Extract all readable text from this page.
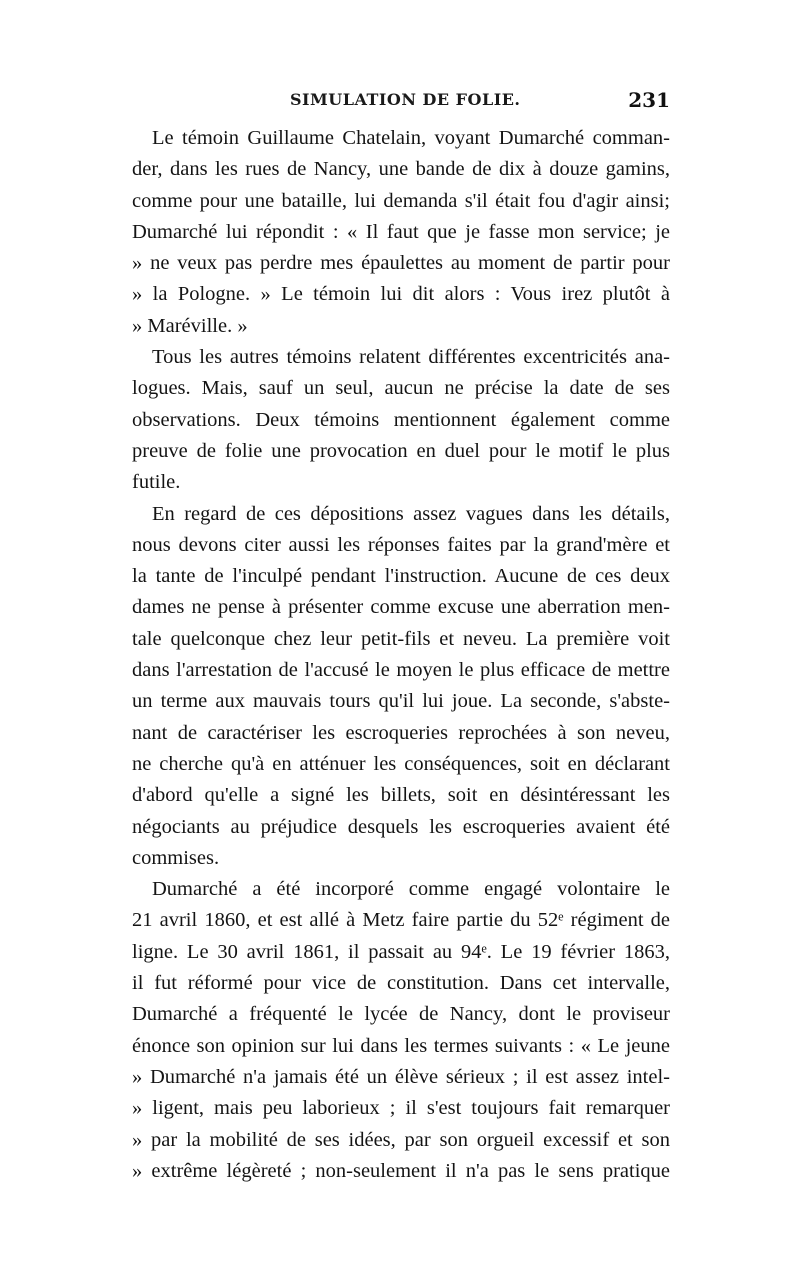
SIMULATION DE FOLIE.	231

Le témoin Guillaume Chatelain, voyant Dumarché comman-
der, dans les rues de Nancy, une bande de dix à douze gamins,
comme pour une bataille, lui demanda s'il était fou d'agir ainsi;
Dumarché lui répondit : « Il faut que je fasse mon service; je
» ne veux pas perdre mes épaulettes au moment de partir pour
» la Pologne. » Le témoin lui dit alors : Vous irez plutôt à
» Maréville. »

Tous les autres témoins relatent différentes excentricités ana-
logues. Mais, sauf un seul, aucun ne précise la date de ses
observations. Deux témoins mentionnent également comme
preuve de folie une provocation en duel pour le motif le plus
futile.

En regard de ces dépositions assez vagues dans les détails,
nous devons citer aussi les réponses faites par la grand'mère et
la tante de l'inculpé pendant l'instruction. Aucune de ces deux
dames ne pense à présenter comme excuse une aberration men-
tale quelconque chez leur petit-fils et neveu. La première voit
dans l'arrestation de l'accusé le moyen le plus efficace de mettre
un terme aux mauvais tours qu'il lui joue. La seconde, s'abste-
nant de caractériser les escroqueries reprochées à son neveu,
ne cherche qu'à en atténuer les conséquences, soit en déclarant
d'abord qu'elle a signé les billets, soit en désintéressant les
négociants au préjudice desquels les escroqueries avaient été
commises.

Dumarché a été incorporé comme engagé volontaire le
21 avril 1860, et est allé à Metz faire partie du 52ᵉ régiment de
ligne. Le 30 avril 1861, il passait au 94ᵉ. Le 19 février 1863,
il fut réformé pour vice de constitution. Dans cet intervalle,
Dumarché a fréquenté le lycée de Nancy, dont le proviseur
énonce son opinion sur lui dans les termes suivants : « Le jeune
» Dumarché n'a jamais été un élève sérieux ; il est assez intel-
» ligent, mais peu laborieux ; il s'est toujours fait remarquer
» par la mobilité de ses idées, par son orgueil excessif et son
» extrême légèreté ; non-seulement il n'a pas le sens pratique
